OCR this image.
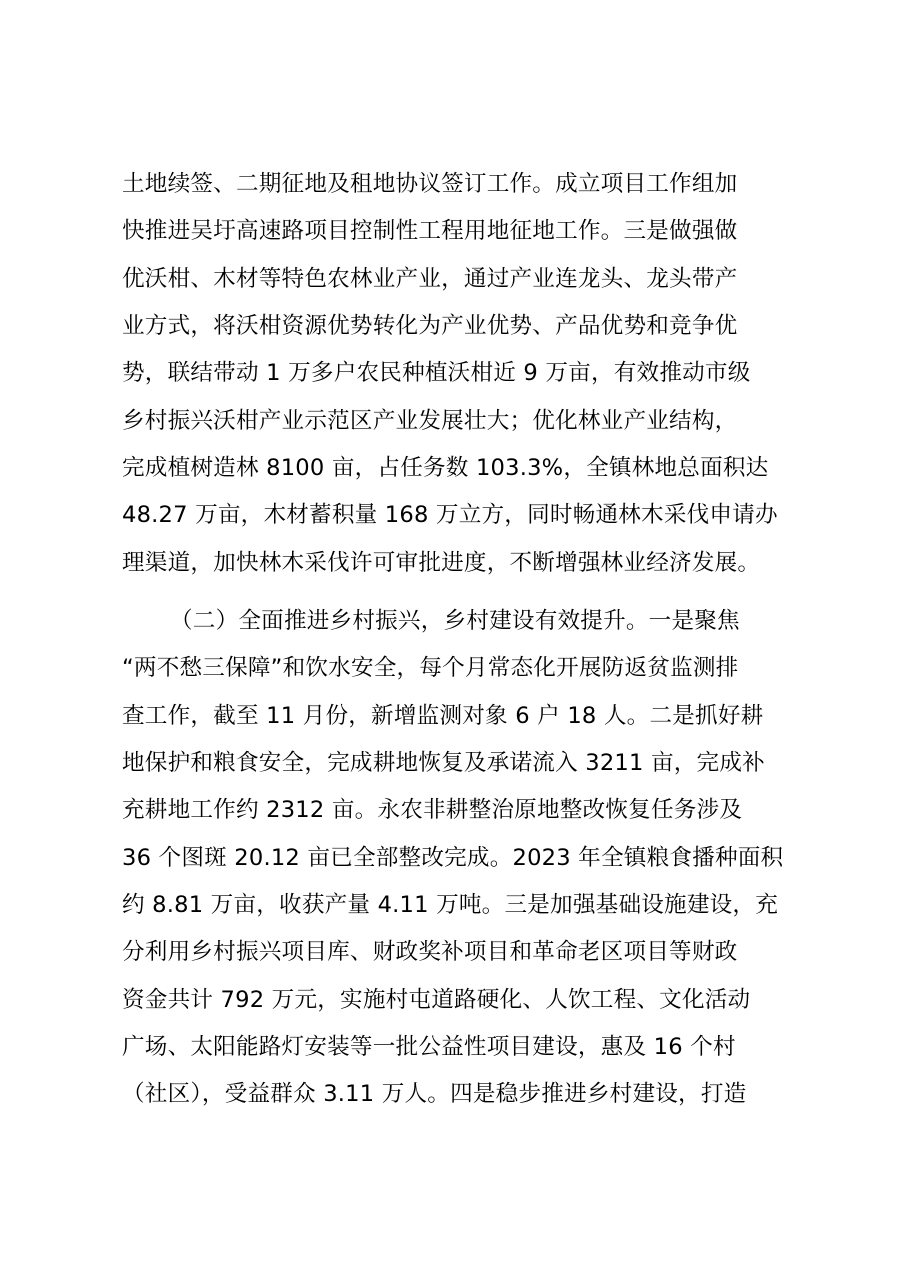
土地续签、二期征地及租地协议签订工作。成立项目工作组加
快推进吴圩高速路项目控制性工程用地征地工作。三是做强做
优沃柑、木材等特色农林业产业，通过产业连龙头、龙头带产
业方式，将沃柑资源优势转化为产业优势、产品优势和竞争优
势，联结带动 1 万多户农民种植沃柑近 9 万亩，有效推动市级
乡村振兴沃柑产业示范区产业发展壮大；优化林业产业结构，
完成植树造林 8100 亩，占任务数 103.3%，全镇林地总面积达
48.27 万亩，木材蓄积量 168 万立方，同时畅通林木采伐申请办
理渠道，加快林木采伐许可审批进度，不断增强林业经济发展。
（二）全面推进乡村振兴，乡村建设有效提升。一是聚焦
“两不愁三保障”和饮水安全，每个月常态化开展防返贫监测排
查工作，截至 11 月份，新增监测对象 6 户 18 人。二是抓好耕
地保护和粮食安全，完成耕地恢复及承诺流入 3211 亩，完成补
充耕地工作约 2312 亩。永农非耕整治原地整改恢复任务涉及
36 个图斑 20.12 亩已全部整改完成。2023 年全镇粮食播种面积
约 8.81 万亩，收获产量 4.11 万吨。三是加强基础设施建设，充
分利用乡村振兴项目库、财政奖补项目和革命老区项目等财政
资金共计 792 万元，实施村屯道路硬化、人饮工程、文化活动
广场、太阳能路灯安装等一批公益性项目建设，惠及 16 个村
（社区），受益群众 3.11 万人。四是稳步推进乡村建设，打造
